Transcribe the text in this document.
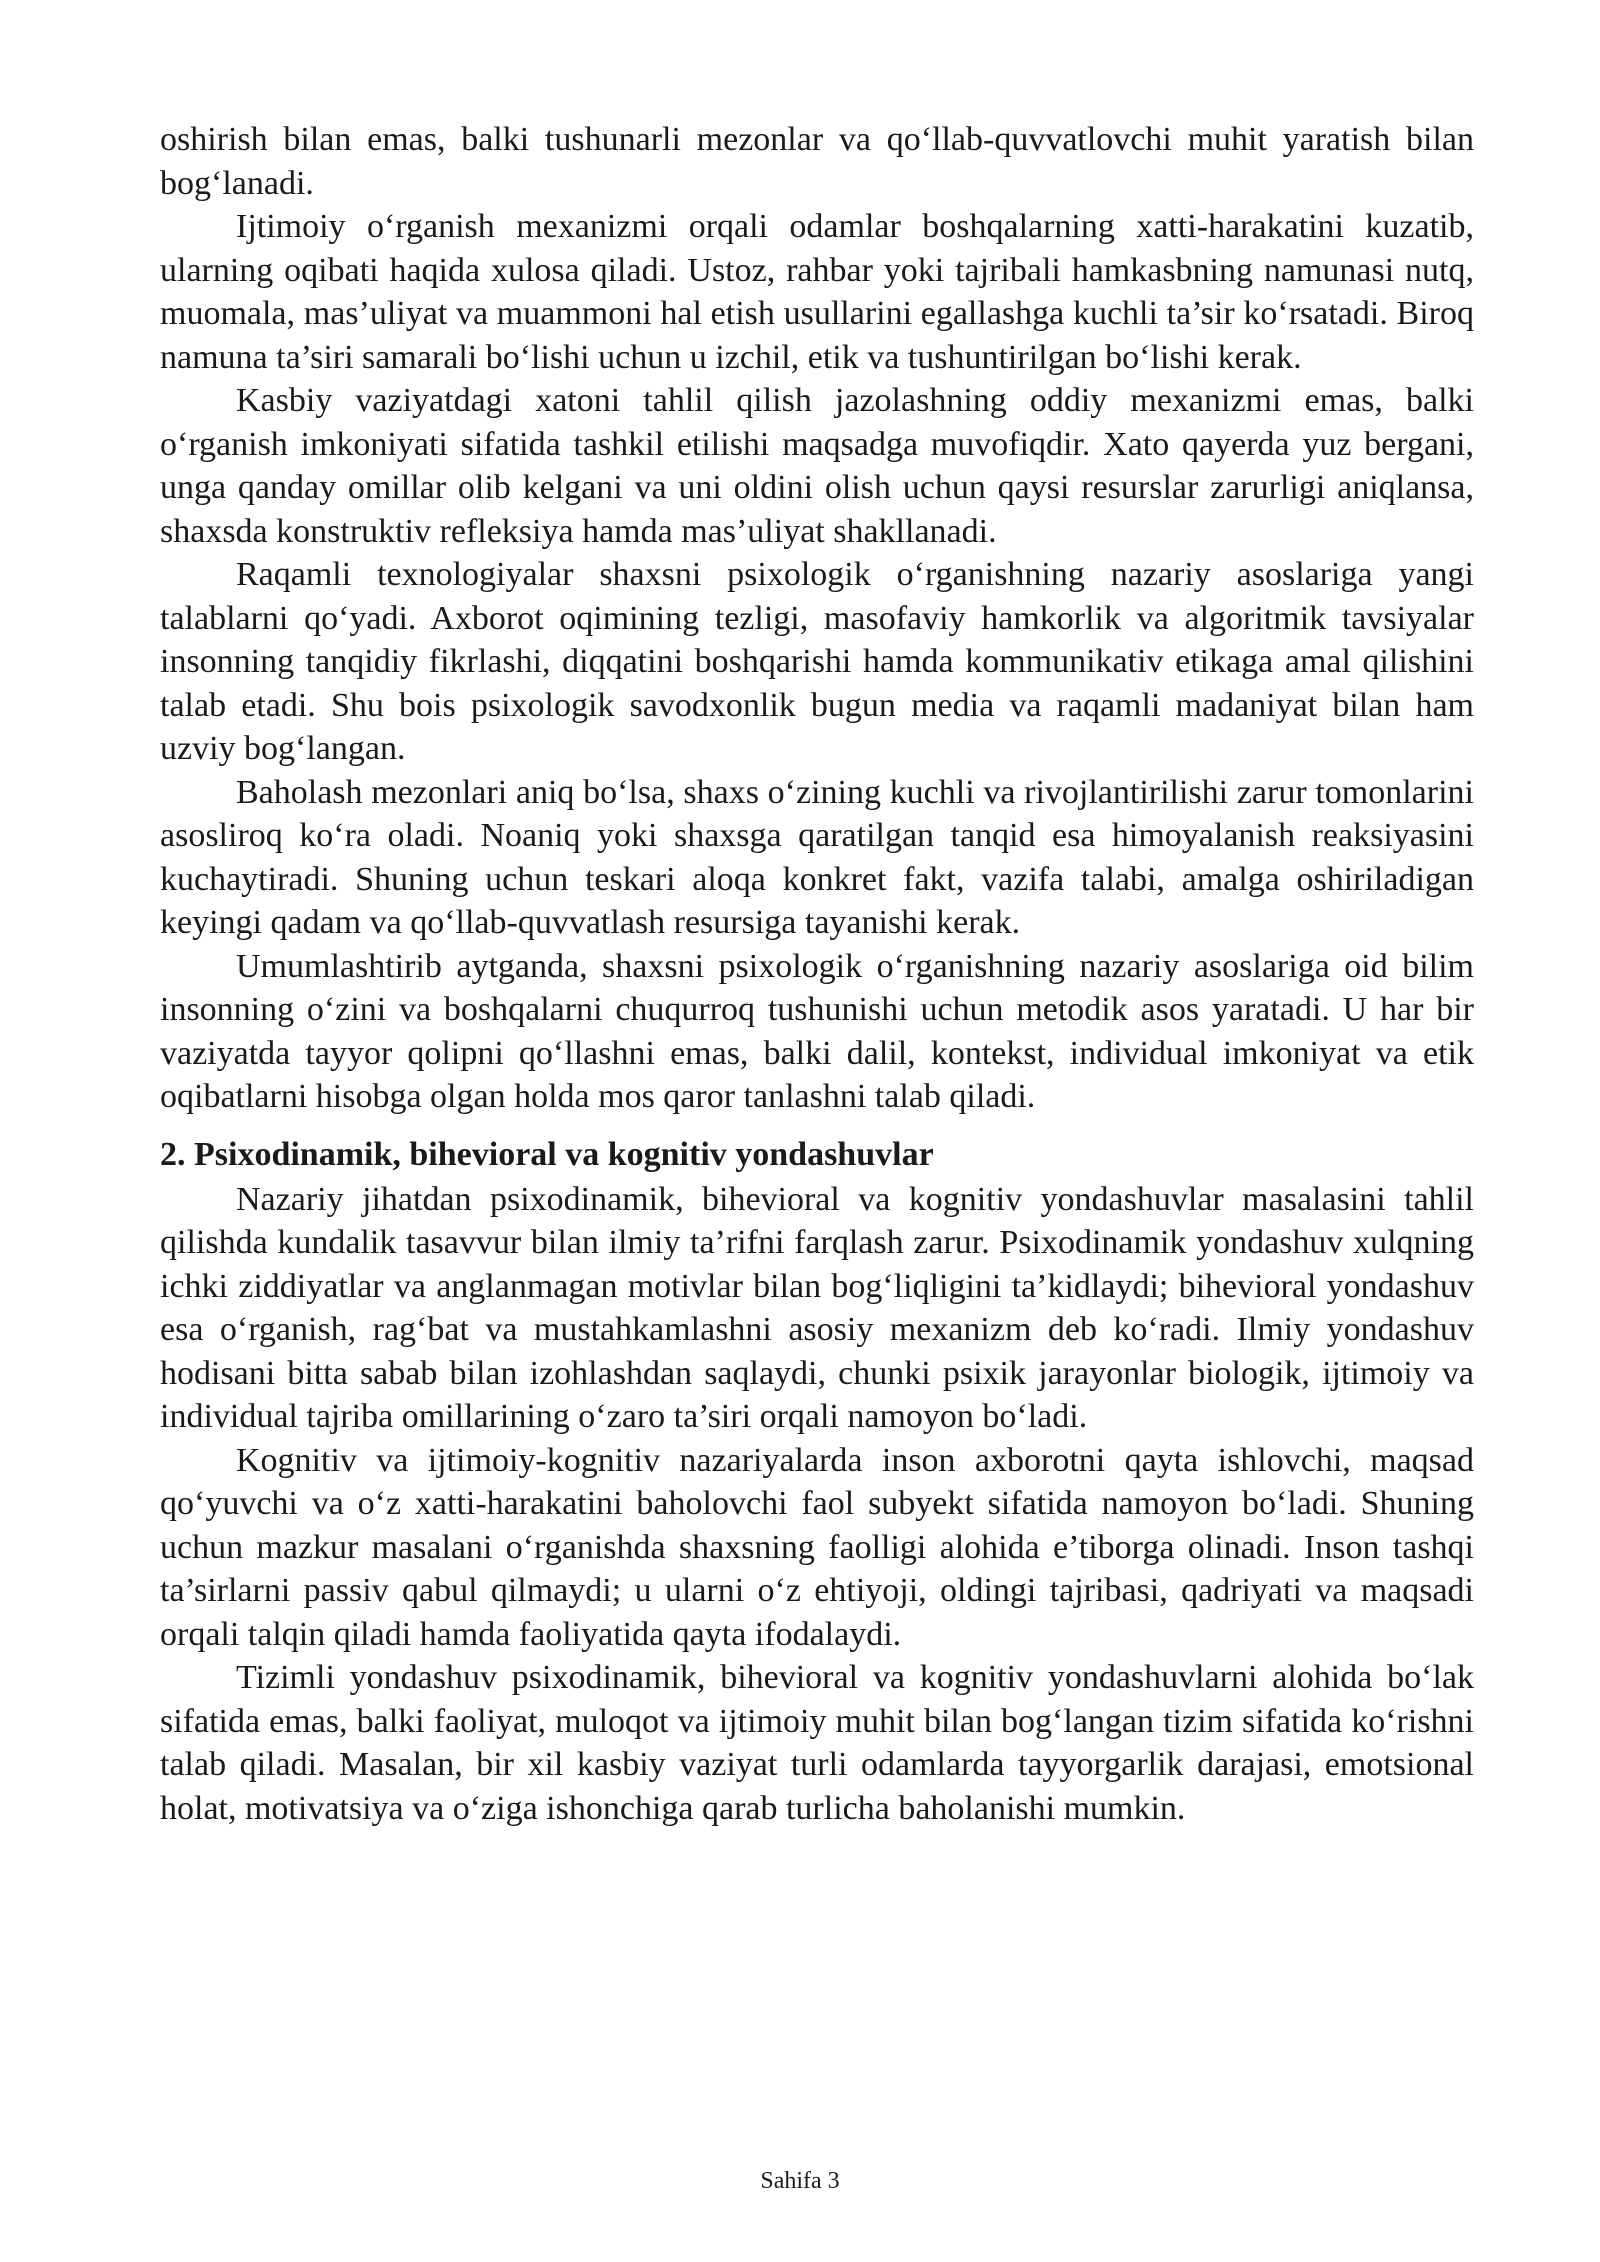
oshirish bilan emas, balki tushunarli mezonlar va qo‘llab-quvvatlovchi muhit yaratish bilan bog‘lanadi.

Ijtimoiy o‘rganish mexanizmi orqali odamlar boshqalarning xatti-harakatini kuzatib, ularning oqibati haqida xulosa qiladi. Ustoz, rahbar yoki tajribali hamkasbning namunasi nutq, muomala, mas’uliyat va muammoni hal etish usullarini egallashga kuchli ta’sir ko‘rsatadi. Biroq namuna ta’siri samarali bo‘lishi uchun u izchil, etik va tushuntirilgan bo‘lishi kerak.

Kasbiy vaziyatdagi xatoni tahlil qilish jazolashning oddiy mexanizmi emas, balki o‘rganish imkoniyati sifatida tashkil etilishi maqsadga muvofiqdir. Xato qayerda yuz bergani, unga qanday omillar olib kelgani va uni oldini olish uchun qaysi resurslar zarurligi aniqlansa, shaxsda konstruktiv refleksiya hamda mas’uliyat shakllanadi.

Raqamli texnologiyalar shaxsni psixologik o‘rganishning nazariy asoslariga yangi talablarni qo‘yadi. Axborot oqimining tezligi, masofaviy hamkorlik va algoritmik tavsiyalar insonning tanqidiy fikrlashi, diqqatini boshqarishi hamda kommunikativ etikaga amal qilishini talab etadi. Shu bois psixologik savodxonlik bugun media va raqamli madaniyat bilan ham uzviy bog‘langan.

Baholash mezonlari aniq bo‘lsa, shaxs o‘zining kuchli va rivojlantirilishi zarur tomonlarini asosliroq ko‘ra oladi. Noaniq yoki shaxsga qaratilgan tanqid esa himoyalanish reaksiyasini kuchaytiradi. Shuning uchun teskari aloqa konkret fakt, vazifa talabi, amalga oshiriladigan keyingi qadam va qo‘llab-quvvatlash resursiga tayanishi kerak.

Umumlashtirib aytganda, shaxsni psixologik o‘rganishning nazariy asoslariga oid bilim insonning o‘zini va boshqalarni chuqurroq tushunishi uchun metodik asos yaratadi. U har bir vaziyatda tayyor qolipni qo‘llashni emas, balki dalil, kontekst, individual imkoniyat va etik oqibatlarni hisobga olgan holda mos qaror tanlashni talab qiladi.

2. Psixodinamik, bihevioral va kognitiv yondashuvlar

Nazariy jihatdan psixodinamik, bihevioral va kognitiv yondashuvlar masalasini tahlil qilishda kundalik tasavvur bilan ilmiy ta’rifni farqlash zarur. Psixodinamik yondashuv xulqning ichki ziddiyatlar va anglanmagan motivlar bilan bog‘liqligini ta’kidlaydi; bihevioral yondashuv esa o‘rganish, rag‘bat va mustahkamlashni asosiy mexanizm deb ko‘radi. Ilmiy yondashuv hodisani bitta sabab bilan izohlashdan saqlaydi, chunki psixik jarayonlar biologik, ijtimoiy va individual tajriba omillarining o‘zaro ta’siri orqali namoyon bo‘ladi.

Kognitiv va ijtimoiy-kognitiv nazariyalarda inson axborotni qayta ishlovchi, maqsad qo‘yuvchi va o‘z xatti-harakatini baholovchi faol subyekt sifatida namoyon bo‘ladi. Shuning uchun mazkur masalani o‘rganishda shaxsning faolligi alohida e’tiborga olinadi. Inson tashqi ta’sirlarni passiv qabul qilmaydi; u ularni o‘z ehtiyoji, oldingi tajribasi, qadriyati va maqsadi orqali talqin qiladi hamda faoliyatida qayta ifodalaydi.

Tizimli yondashuv psixodinamik, bihevioral va kognitiv yondashuvlarni alohida bo‘lak sifatida emas, balki faoliyat, muloqot va ijtimoiy muhit bilan bog‘langan tizim sifatida ko‘rishni talab qiladi. Masalan, bir xil kasbiy vaziyat turli odamlarda tayyorgarlik darajasi, emotsional holat, motivatsiya va o‘ziga ishonchiga qarab turlicha baholanishi mumkin.

Sahifa 3
